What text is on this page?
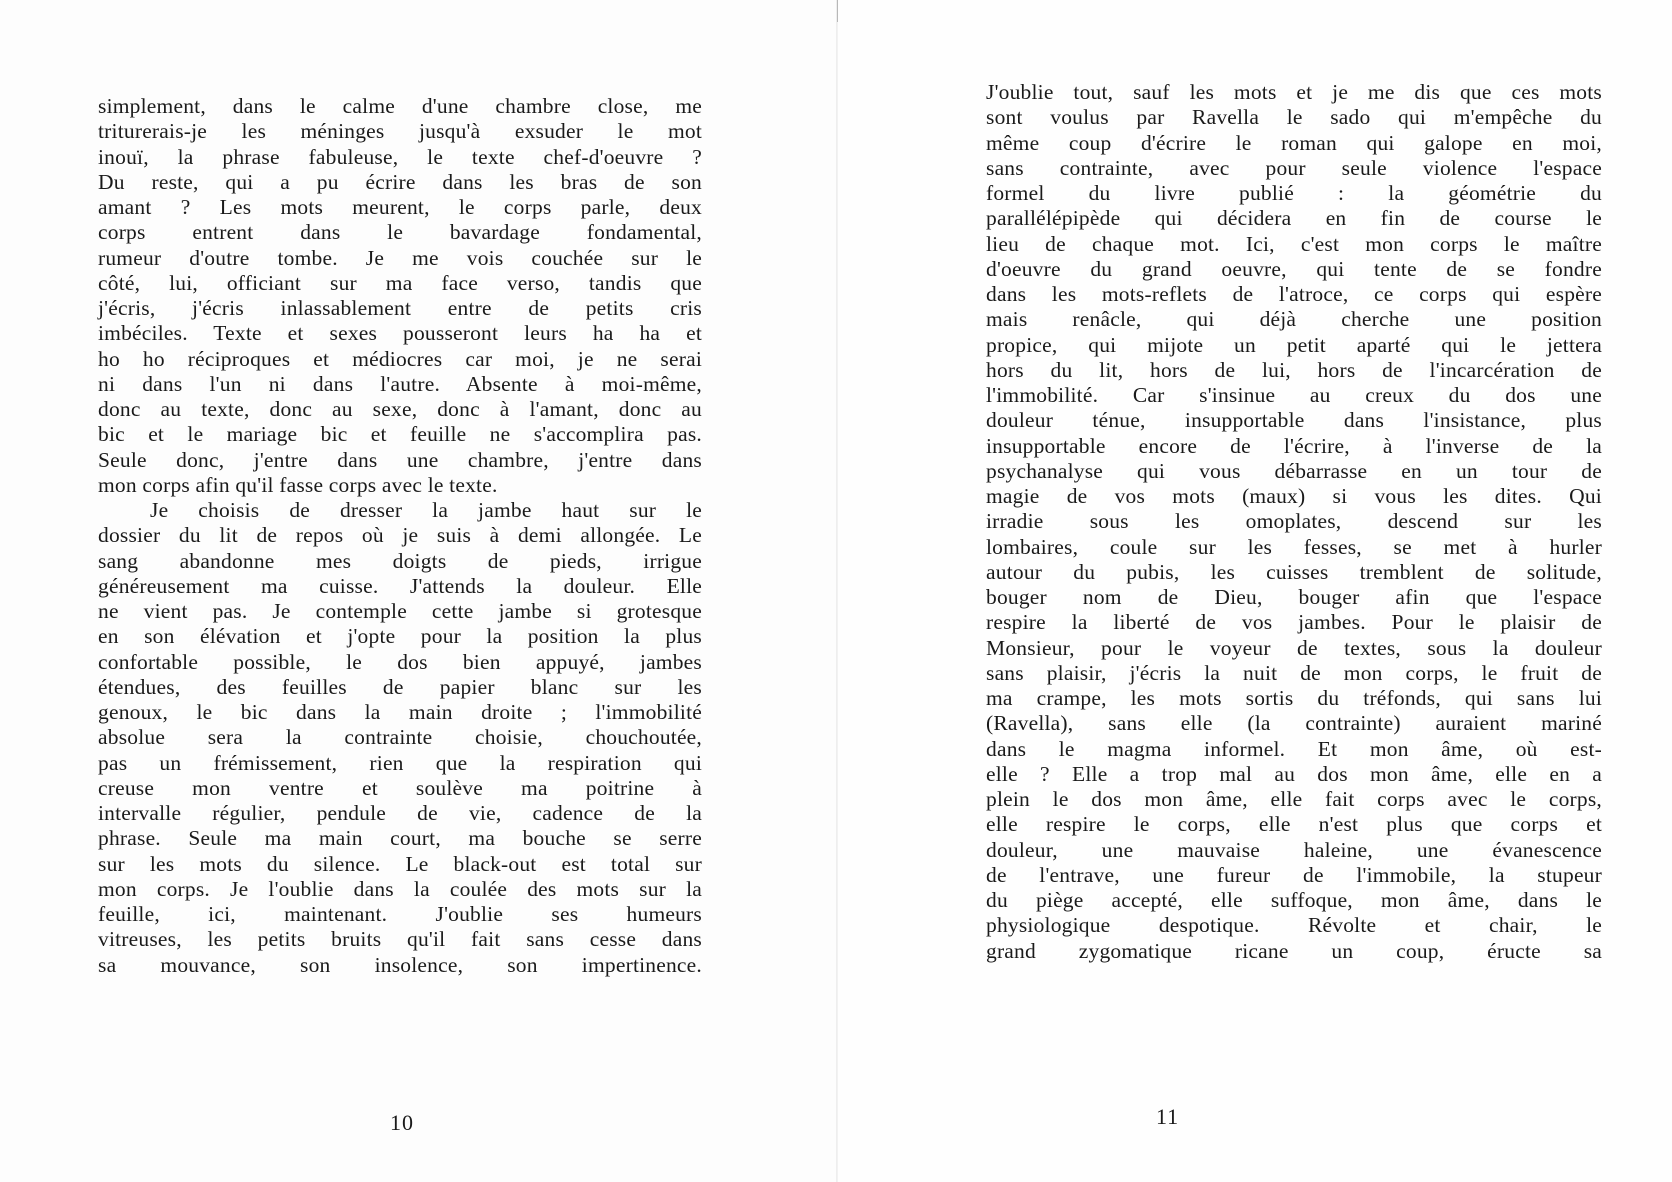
simplement, dans le calme d'une chambre close, me
triturerais-je les méninges jusqu'à exsuder le mot
inouï, la phrase fabuleuse, le texte chef-d'oeuvre ?
Du reste, qui a pu écrire dans les bras de son
amant ? Les mots meurent, le corps parle, deux
corps entrent dans le bavardage fondamental,
rumeur d'outre tombe. Je me vois couchée sur le
côté, lui, officiant sur ma face verso, tandis que
j'écris, j'écris inlassablement entre de petits cris
imbéciles. Texte et sexes pousseront leurs ha ha et
ho ho réciproques et médiocres car moi, je ne serai
ni dans l'un ni dans l'autre. Absente à moi-même,
donc au texte, donc au sexe, donc à l'amant, donc au
bic et le mariage bic et feuille ne s'accomplira pas.
Seule donc, j'entre dans une chambre, j'entre dans
mon corps afin qu'il fasse corps avec le texte.
Je choisis de dresser la jambe haut sur le
dossier du lit de repos où je suis à demi allongée. Le
sang abandonne mes doigts de pieds, irrigue
généreusement ma cuisse. J'attends la douleur. Elle
ne vient pas. Je contemple cette jambe si grotesque
en son élévation et j'opte pour la position la plus
confortable possible, le dos bien appuyé, jambes
étendues, des feuilles de papier blanc sur les
genoux, le bic dans la main droite ; l'immobilité
absolue sera la contrainte choisie, chouchoutée,
pas un frémissement, rien que la respiration qui
creuse mon ventre et soulève ma poitrine à
intervalle régulier, pendule de vie, cadence de la
phrase. Seule ma main court, ma bouche se serre
sur les mots du silence. Le black-out est total sur
mon corps. Je l'oublie dans la coulée des mots sur la
feuille, ici, maintenant. J'oublie ses humeurs
vitreuses, les petits bruits qu'il fait sans cesse dans
sa mouvance, son insolence, son impertinence.
10
J'oublie tout, sauf les mots et je me dis que ces mots
sont voulus par Ravella le sado qui m'empêche du
même coup d'écrire le roman qui galope en moi,
sans contrainte, avec pour seule violence l'espace
formel du livre publié : la géométrie du
parallélépipède qui décidera en fin de course le
lieu de chaque mot. Ici, c'est mon corps le maître
d'oeuvre du grand oeuvre, qui tente de se fondre
dans les mots-reflets de l'atroce, ce corps qui espère
mais renâcle, qui déjà cherche une position
propice, qui mijote un petit aparté qui le jettera
hors du lit, hors de lui, hors de l'incarcération de
l'immobilité. Car s'insinue au creux du dos une
douleur ténue, insupportable dans l'insistance, plus
insupportable encore de l'écrire, à l'inverse de la
psychanalyse qui vous débarrasse en un tour de
magie de vos mots (maux) si vous les dites. Qui
irradie sous les omoplates, descend sur les
lombaires, coule sur les fesses, se met à hurler
autour du pubis, les cuisses tremblent de solitude,
bouger nom de Dieu, bouger afin que l'espace
respire la liberté de vos jambes. Pour le plaisir de
Monsieur, pour le voyeur de textes, sous la douleur
sans plaisir, j'écris la nuit de mon corps, le fruit de
ma crampe, les mots sortis du tréfonds, qui sans lui
(Ravella), sans elle (la contrainte) auraient mariné
dans le magma informel. Et mon âme, où est-
elle ? Elle a trop mal au dos mon âme, elle en a
plein le dos mon âme, elle fait corps avec le corps,
elle respire le corps, elle n'est plus que corps et
douleur, une mauvaise haleine, une évanescence
de l'entrave, une fureur de l'immobile, la stupeur
du piège accepté, elle suffoque, mon âme, dans le
physiologique despotique. Révolte et chair, le
grand zygomatique ricane un coup, éructe sa
11
